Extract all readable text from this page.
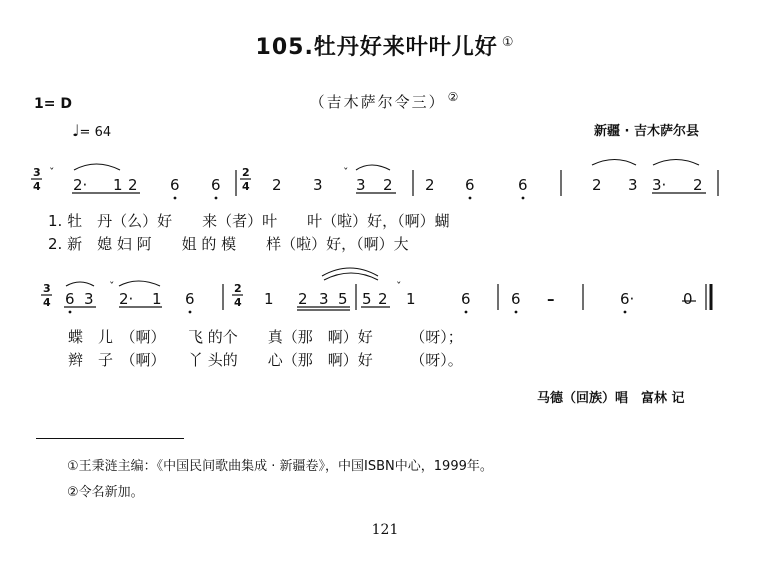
105.牡丹好来叶叶儿好 ①
（吉木萨尔令三） ②
1= D
♩= 64	新疆 · 吉木萨尔县
3
4
ˇ
2· 1 2 6 6
2
4 2 3
ˇ
3 2 2 6	6	2 3 3· 2
1. 牡　丹（么）好　　来（者）叶　　叶（啦）好，（啊）蝴
2. 新　媳 妇 阿　　姐 的 模　　样（啦）好，（啊）大
3
4 6 3
ˇ
2· 1 6
2
4 1 2 3 5 5 2
ˇ
1	6	6 –	6·	0
蝶　儿　（啊）　　飞 的个　　真（那　啊）好　　　（呀）；
辫　子　（啊）　　丫 头的　　心（那　啊）好　　　（呀）。
马德（回族）唱　富林 记
①王秉涟主编：《中国民间歌曲集成 · 新疆卷》，中国ISBN中心，1999年。
②令名新加。
121
